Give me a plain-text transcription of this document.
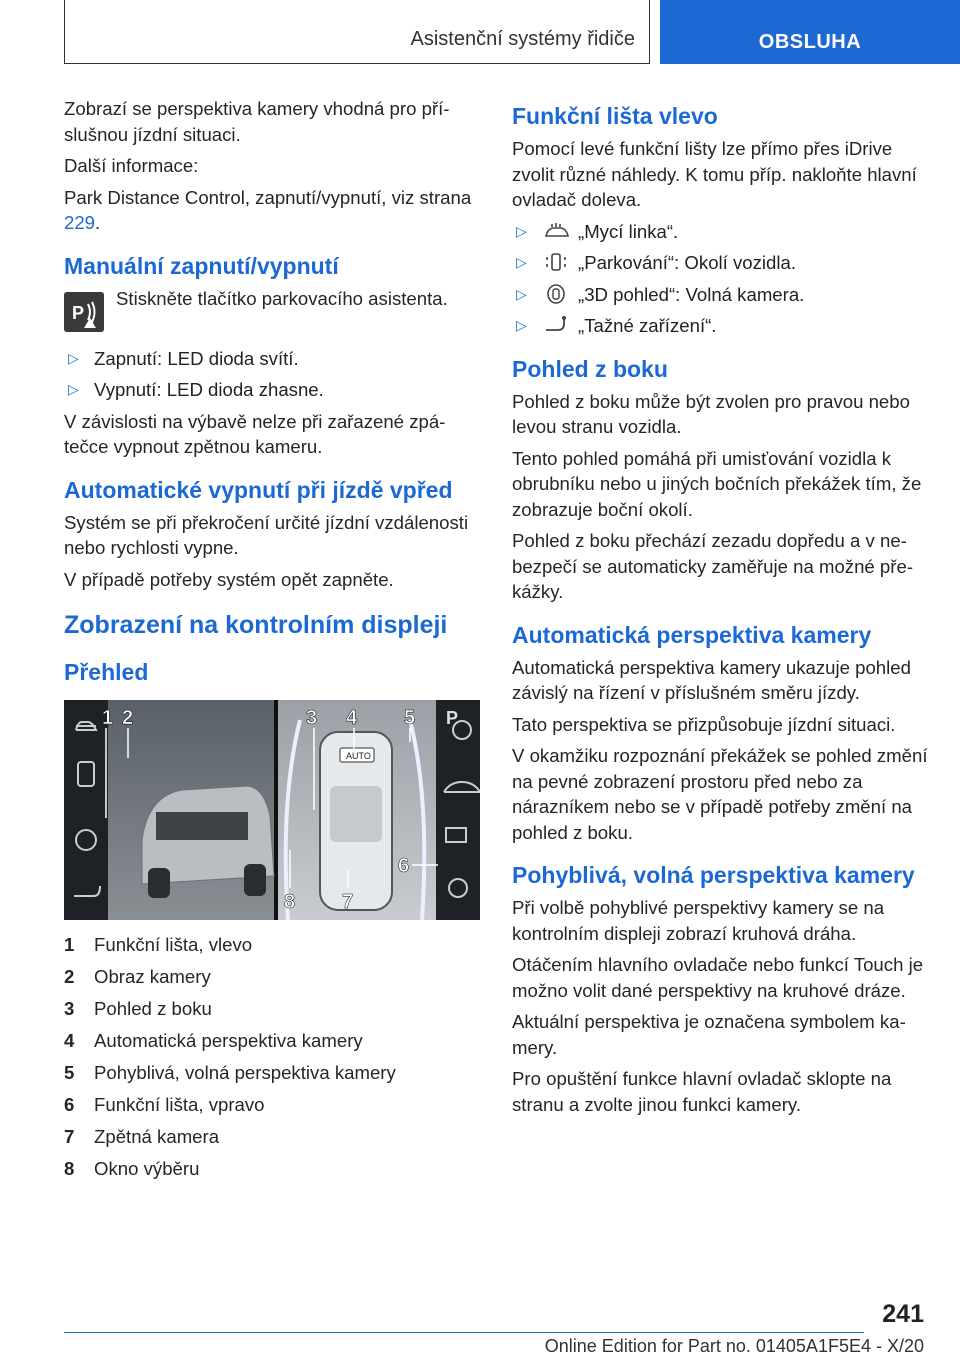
Asistenční systémy řidiče	OBSLUHA

Zobrazí se perspektiva kamery vhodná pro příslušnou jízdní situaci.

Další informace:

Park Distance Control, zapnutí/vypnutí, viz strana 229.

Manuální zapnutí/vypnutí
P

Stiskněte tlačítko parkovacího asistenta.

▷ Zapnutí: LED dioda svítí.
▷ Vypnutí: LED dioda zhasne.

V závislosti na výbavě nelze při zařazené zpátečce vypnout zpětnou kameru.

Automatické vypnutí při jízdě vpřed

Systém se při překročení určité jízdní vzdálenosti nebo rychlosti vypne.

V případě potřeby systém opět zapněte.

Zobrazení na kontrolním displeji
Přehled
AUTO
P
1 2	3 4 5
6
7
8
1	Funkční lišta, vlevo
2	Obraz kamery
3	Pohled z boku
4	Automatická perspektiva kamery
5	Pohyblivá, volná perspektiva kamery
6	Funkční lišta, vpravo
7	Zpětná kamera
8	Okno výběru
Funkční lišta vlevo

Pomocí levé funkční lišty lze přímo přes iDrive zvolit různé náhledy. K tomu příp. nakloňte hlavní ovladač doleva.

▷	„Mycí linka“.
▷	„Parkování“: Okolí vozidla.
▷	„3D pohled“: Volná kamera.
▷	„Tažné zařízení“.
Pohled z boku

Pohled z boku může být zvolen pro pravou nebo levou stranu vozidla.

Tento pohled pomáhá při umisťování vozidla k obrubníku nebo u jiných bočních překážek tím, že zobrazuje boční okolí.

Pohled z boku přechází zezadu dopředu a v nebezpečí se automaticky zaměřuje na možné překážky.

Automatická perspektiva kamery

Automatická perspektiva kamery ukazuje pohled závislý na řízení v příslušném směru jízdy.

Tato perspektiva se přizpůsobuje jízdní situaci.

V okamžiku rozpoznání překážek se pohled změní na pevné zobrazení prostoru před nebo za nárazníkem nebo se v případě potřeby změní na pohled z boku.

Pohyblivá, volná perspektiva kamery

Při volbě pohyblivé perspektivy kamery se na kontrolním displeji zobrazí kruhová dráha.

Otáčením hlavního ovladače nebo funkcí Touch je možno volit dané perspektivy na kruhové dráze.

Aktuální perspektiva je označena symbolem kamery.

Pro opuštění funkce hlavní ovladač sklopte na stranu a zvolte jinou funkci kamery.

241
Online Edition for Part no. 01405A1F5E4 - X/20
